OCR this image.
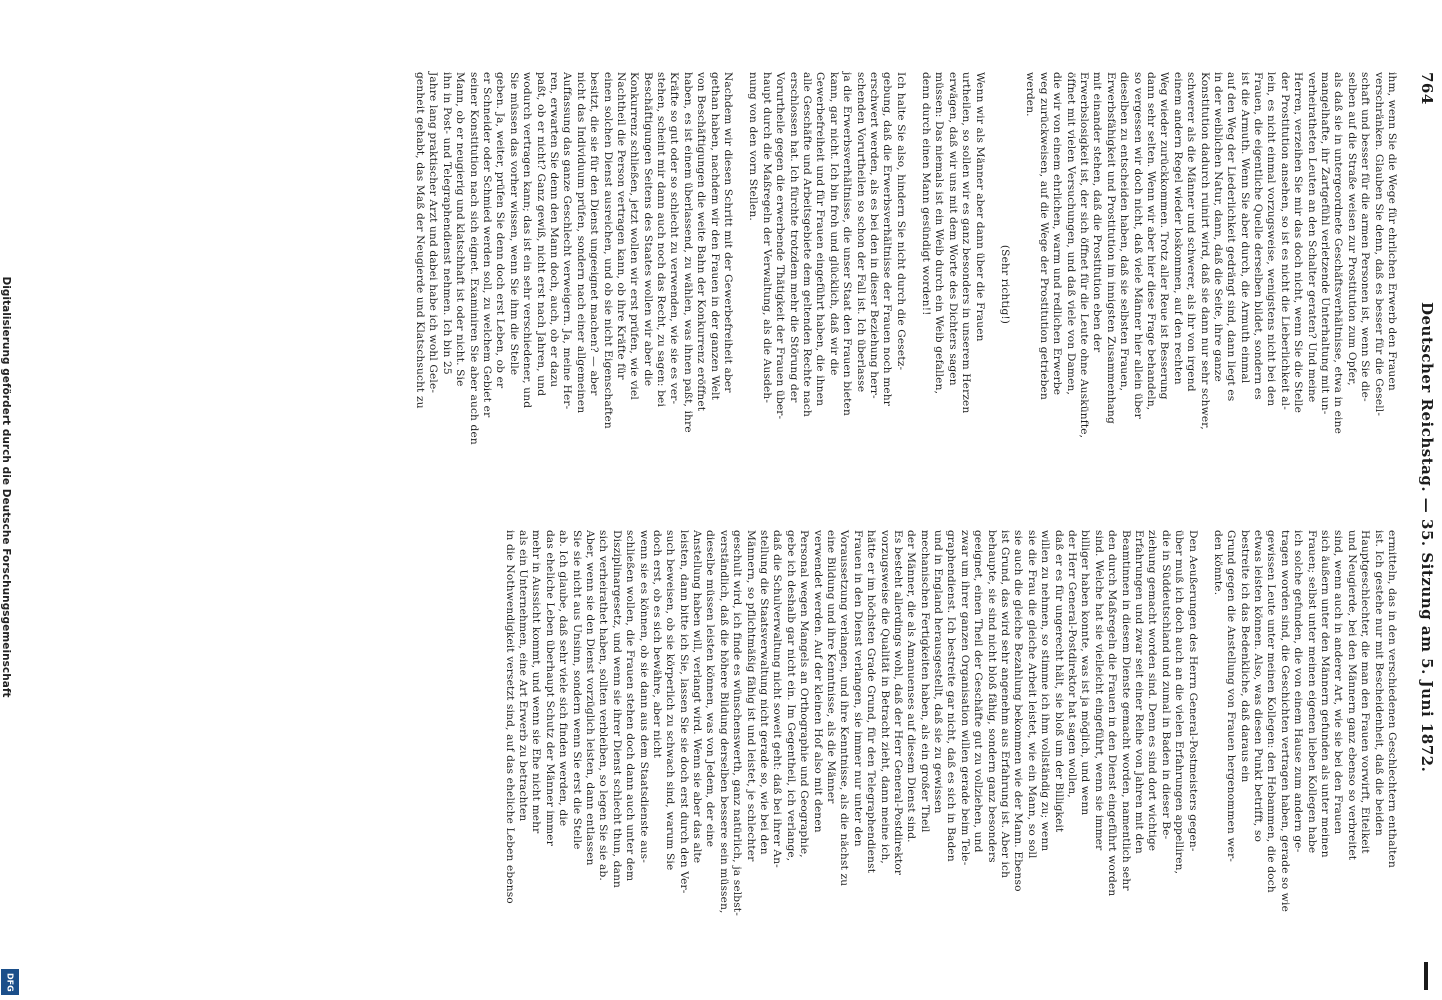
Digitalisierung gefördert durch die Deutsche Forschungsgemeinschaft
DFG
764
Deutscher Reichstag. — 35. Sitzung am 5. Juni 1872.
ihm, wenn Sie die Wege für ehrlichen Erwerb den Frauen
verschränken. Glauben Sie denn, daß es besser für die Gesell-
schaft und besser für die armen Personen ist, wenn Sie die-
selben auf die Straße weisen zur Prostitution zum Opfer,
als daß sie in untergeordnete Geschäftsverhältnisse, etwa in eine
mangelhafte, ihr Zartgefühl verletzende Unterhaltung mit un-
verheiratheten Leuten an den Schalter geraten? Und meine
Herren, verzeihen Sie mir das doch nicht, wenn Sie die Stelle
der Prostitution ansehen, so ist es nicht die Lieberlichkeit al-
lein, es nicht einmal vorzugsweise, wenigstens nicht bei den
Frauen, die eigentliche Quelle derselben bildet, sondern es
ist die Armuth. Wenn Sie aber durch, die Armuth einmal
auf den Weg der Liederlichkeit gedrängt sind, dann liegt es
in der weiblichen Natur, dann, daß die Seite, ihre ganze
Konstitution dadurch ruinirt wird, daß sie dann nur sehr schwer,
schwerer als die Männer und schwerer, als ihr von irgend
einem andern Regel wieder loskommen, auf den rechten
Weg wieder zurückkommen. Trotz aller Reue ist Besserung
dann sehr selten. Wenn wir aber hier diese Frage behandeln,
so vergessen wir doch nicht, daß viele Männer hier allein über
dieselben zu entscheiden haben, daß sie selbsten Frauen,
Erwerbsfähigkeit und Prostitution im innigsten Zusammenhang
mit einander stehen, daß die Prostitution eben der
Erwerbslosigkeit ist, der sich öffnet für die Leute ohne Auskünfte,
öffnet mit vielen Versuchungen, und daß viele von Damen,
die wir von einem ehrlichen, warm und redlichen Erwerbe
weg zurückweisen, auf die Wege der Prostitution getrieben
werden.
(Sehr richtig!)
Wenn wir als Männer aber dann über die Frauen
urtheilen, so sollen wir es ganz besonders in unserem Herzen
erwägen, daß wir uns mit dem Worte des Dichters sagen
müssen: Das niemals ist ein Weib durch ein Weib gefallen,
denn durch einen Mann gesündigt worden!!
Ich halte Sie also, hindern Sie nicht durch die Gesetz-
gebung, daß die Erwerbsverhältnisse der Frauen noch mehr
erschwert werden, als es bei den in dieser Beziehung herr-
schenden Vorurtheilen so schon der Fall ist. Ich überlasse
ja die Erwerbsverhältnisse, die unser Staat den Frauen bieten
kann, gar nicht. Ich bin froh und glücklich, daß wir die
Gewerbefreiheit und für Frauen eingeführt haben, die ihnen
alle Geschäfte und Arbeitsgebiete dem geltenden Rechte nach
erschlossen hat. Ich fürchte trotzdem mehr die Störung der
Vorurtheile gegen die erwerbende Thätigkeit der Frauen über-
haupt durch die Maßregeln der Verwaltung, als die Ausdeh-
nung von den vorn Stellen.
Nachdem wir diesen Schritt mit der Gewerbefreiheit aber
gethan haben, nachdem wir den Frauen in der ganzen Welt
von Beschäftigungen die weite Bahn der Konkurrenz eröffnet
haben, es ist einem überlassend, zu wählen, was ihnen paßt, ihre
Kräfte so gut oder so schlecht zu verwenden, wie sie es ver-
stehen, scheint mir dann auch noch das Recht, zu sagen: bei
Beschäftigungen Seitens des Staates wollen wir aber die
Konkurrenz schließen, jetzt wollen wir erst prüfen, wie viel
Nachtheil die Person vertragen kann, ob ihre Kräfte für
einen solchen Dienst ausreichen, und ob sie nicht Eigenschaften
besitzt, die sie für den Dienst ungeeignet machen? — aber
nicht das Individuum prüfen, sondern nach einer allgemeinen
Auffassung das ganze Geschlecht verweigern. Ja, meine Her-
ren, erwarten Sie denn den Mann doch, auch, ob er dazu
paßt, ob er nicht? Ganz gewiß, nicht erst nach Jahren, und
wodurch vertragen kann; das ist ein sehr verschiedener, und
Sie müssen das vorher wissen, wenn Sie ihm die Stelle
geben. Ja, weiter, prüfen Sie denn doch erst Leben, ob er
er Schneider oder Schmied werden soll, zu welchem Gebiet er
seiner Konstitution nach sich eignet. Examiniren Sie aber auch den
Mann, ob er neugierig und klatschhaft ist oder nicht. Sie
ihn in Post- und Telegraphendienst nehmen. Ich bin 25
Jahre lang praktischer Arzt und dabei habe ich wohl Gele-
genheit gehabt, das Maß der Neugierde und Klatschsucht zu
ermitteln, das in den verschiedenen Geschlechtern enthalten
ist. Ich gestehe nur mit Bescheidenheit, daß die beiden
Hauptgeschlechter, die man den Frauen vorwirft, Eitelkeit
und Neugierde, bei den Männern ganz ebenso so verbreitet
sind, wenn auch in anderer Art, wie sie bei den Frauen
sich äußern unter den Männern gefunden als unter meinen
Frauen; selbst unter meinen eigenen lieben Kollegen habe
ich solche gefunden, die von einem Hause zum andern ge-
tragen worden sind, die Geschichten vertragen haben, gerade so wie
gewissen Leute unter meinen Kollegen: den Hebammen, die doch
etwas leisten können. Also, was diesen Punkt betrifft, so
bestreite ich das Bedenkliche, daß daraus ein
Grund gegen die Anstellung von Frauen hergenommen wer-
den könnte.
Den Aeußerungen des Herrn General-Postmeisters gegen-
über muß ich doch auch an die vielen Erfahrungen appelliren,
die in Süddeutschland und zumal in Baden in dieser Be-
ziehung gemacht worden sind. Denn es sind dort wichtige
Erfahrungen und zwar seit einer Reihe von Jahren mit den
Beamtinnen in diesem Dienste gemacht worden, namentlich sehr
den durch Maßregeln die Frauen in den Dienst eingeführt worden
sind. Welche hat sie vielleicht eingeführt, wenn sie immer
billiger haben konnte, was ist ja möglich, und wenn
der Herr General-Postdirektor hat sagen wollen,
daß er es für ungerecht hält, sie bloß um der Billigkeit
willen zu nehmen, so stimme ich ihm vollständig zu; wenn
sie die Frau die gleiche Arbeit leistet, wie ein Mann, so soll
sie auch die gleiche Bezahlung bekommen wie der Mann. Ebenso
ist Grund, das wird sehr angenehm aus Erfahrung ist. Aber ich
behaupte, sie sind nicht bloß fähig, sondern ganz besonders
geeignet, einen Theil der Geschäfte gut zu vollziehen, und
zwar um ihrer ganzen Organisation willen gerade beim Tele-
graphendienst. Ich bestreite gar nicht, daß es sich in Baden
und in England herausgestellt, daß sie zu gewissen
mechanischen Fertigkeiten haben, als ein großer Theil
der Männer, die als Amanuenses auf diesem Dienst sind.
Es besteht allerdings wohl, daß der Herr General-Postdirektor
vorzugsweise die Qualität in Betracht zieht, dann meine ich,
hätte er im höchsten Grade Grund, für den Telegraphendienst
Frauen in den Dienst verlangen, sie immer nur unter den
Voraussetzung verlangen, und ihre Kenntnisse, als die nächst zu
eine Bildung und ihre Kenntnisse, als die Männer
verwendet werden. Auf der kleinen Hof also mit denen
Personal wegen Mangels an Orthographie und Geographie,
gebe ich deshalb gar nicht ein. Im Gegentheil, ich verlange,
daß die Schulverwaltung nicht soweit geht: daß bei ihrer An-
stellung die Staatsverwaltung nicht gerade so, wie bei den
Männern, so pflichtmäßig fähig ist und leistet, je schlechter
geschult wird, ich finde es wünschenswerth, ganz natürlich, ja selbst-
verständlich, daß die höhere Bildung derselben bessere sein müssen,
dieselbe müssen leisten können, was von Jedem, der eine
Anstellung haben will, verlangt wird. Wenn sie aber das alte
leisten, dann bitte ich Sie, lassen Sie sie doch erst durch den Ver-
such beweisen, ob sie körperlich zu schwach sind, warum Sie
doch erst, ob es sich bewähre, aber nicht
wenn sie es können, ob sie dann aus dem Staatsdienste aus-
schließen wollen, die Frauen stehen doch dann auch unter dem
Disziplinargesetz, und wenn sie ihrer Dienst schlecht thun, dann
sich verheirathet haben, sollten verbleiben, so legen Sie sie ab.
Aber, wenn sie den Dienst vorzüglich leisten, dann entlassen
Sie sie nicht aus Unsinn, sondern wenn Sie erst die Stelle
ab. Ich glaube, daß sehr viele sich finden werden, die
das eheliche Leben überhaupt Schutz der Männer immer
mehr in Aussicht kommt, und wenn sie Ehe nicht mehr
als ein Unternehmen, eine Art Erwerb zu betrachten
in die Nothwendigkeit versetzt sind, auf das eheliche Leben ebenso
